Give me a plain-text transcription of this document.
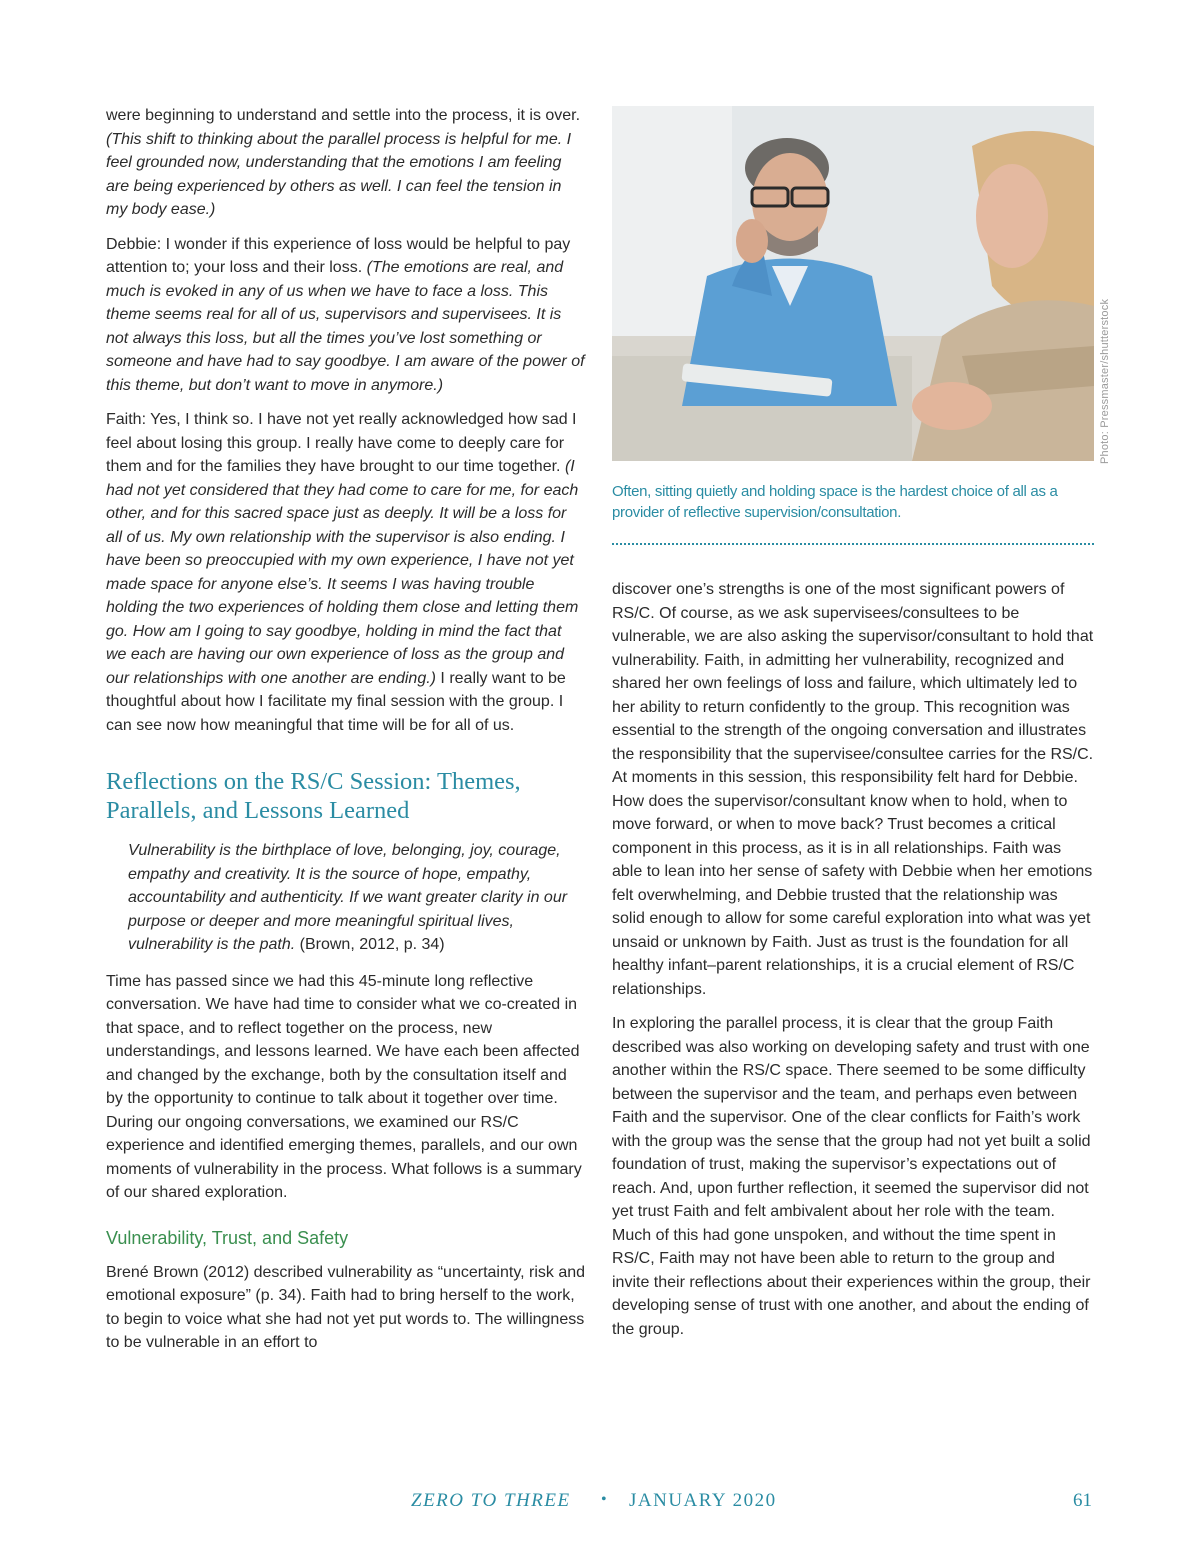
were beginning to understand and settle into the process, it is over. (This shift to thinking about the parallel process is helpful for me. I feel grounded now, understanding that the emotions I am feeling are being experienced by others as well. I can feel the tension in my body ease.)

Debbie: I wonder if this experience of loss would be helpful to pay attention to; your loss and their loss. (The emotions are real, and much is evoked in any of us when we have to face a loss. This theme seems real for all of us, supervisors and supervisees. It is not always this loss, but all the times you’ve lost something or someone and have had to say goodbye. I am aware of the power of this theme, but don’t want to move in anymore.)

Faith: Yes, I think so. I have not yet really acknowledged how sad I feel about losing this group. I really have come to deeply care for them and for the families they have brought to our time together. (I had not yet considered that they had come to care for me, for each other, and for this sacred space just as deeply. It will be a loss for all of us. My own relationship with the supervisor is also ending. I have been so preoccupied with my own experience, I have not yet made space for anyone else’s. It seems I was having trouble holding the two experiences of holding them close and letting them go. How am I going to say goodbye, holding in mind the fact that we each are having our own experience of loss as the group and our relationships with one another are ending.) I really want to be thoughtful about how I facilitate my final session with the group. I can see now how meaningful that time will be for all of us.

Reflections on the RS/C Session: Themes, Parallels, and Lessons Learned

Vulnerability is the birthplace of love, belonging, joy, courage, empathy and creativity. It is the source of hope, empathy, accountability and authenticity. If we want greater clarity in our purpose or deeper and more meaningful spiritual lives, vulnerability is the path. (Brown, 2012, p. 34)

Time has passed since we had this 45-minute long reflective conversation. We have had time to consider what we co-created in that space, and to reflect together on the process, new understandings, and lessons learned. We have each been affected and changed by the exchange, both by the consultation itself and by the opportunity to continue to talk about it together over time. During our ongoing conversations, we examined our RS/C experience and identified emerging themes, parallels, and our own moments of vulnerability in the process. What follows is a summary of our shared exploration.

Vulnerability, Trust, and Safety

Brené Brown (2012) described vulnerability as “uncertainty, risk and emotional exposure” (p. 34). Faith had to bring herself to the work, to begin to voice what she had not yet put words to. The willingness to be vulnerable in an effort to

Photo: Pressmaster/shutterstock
Often, sitting quietly and holding space is the hardest choice of all as a provider of reflective supervision/consultation.

discover one’s strengths is one of the most significant powers of RS/C. Of course, as we ask supervisees/consultees to be vulnerable, we are also asking the supervisor/consultant to hold that vulnerability. Faith, in admitting her vulnerability, recognized and shared her own feelings of loss and failure, which ultimately led to her ability to return confidently to the group. This recognition was essential to the strength of the ongoing conversation and illustrates the responsibility that the supervisee/consultee carries for the RS/C. At moments in this session, this responsibility felt hard for Debbie. How does the supervisor/consultant know when to hold, when to move forward, or when to move back? Trust becomes a critical component in this process, as it is in all relationships. Faith was able to lean into her sense of safety with Debbie when her emotions felt overwhelming, and Debbie trusted that the relationship was solid enough to allow for some careful exploration into what was yet unsaid or unknown by Faith. Just as trust is the foundation for all healthy infant–parent relationships, it is a crucial element of RS/C relationships.

In exploring the parallel process, it is clear that the group Faith described was also working on developing safety and trust with one another within the RS/C space. There seemed to be some difficulty between the supervisor and the team, and perhaps even between Faith and the supervisor. One of the clear conflicts for Faith’s work with the group was the sense that the group had not yet built a solid foundation of trust, making the supervisor’s expectations out of reach. And, upon further reflection, it seemed the supervisor did not yet trust Faith and felt ambivalent about her role with the team. Much of this had gone unspoken, and without the time spent in RS/C, Faith may not have been able to return to the group and invite their reflections about their experiences within the group, their developing sense of trust with one another, and about the ending of the group.

ZERO TO THREE • JANUARY 2020	61
